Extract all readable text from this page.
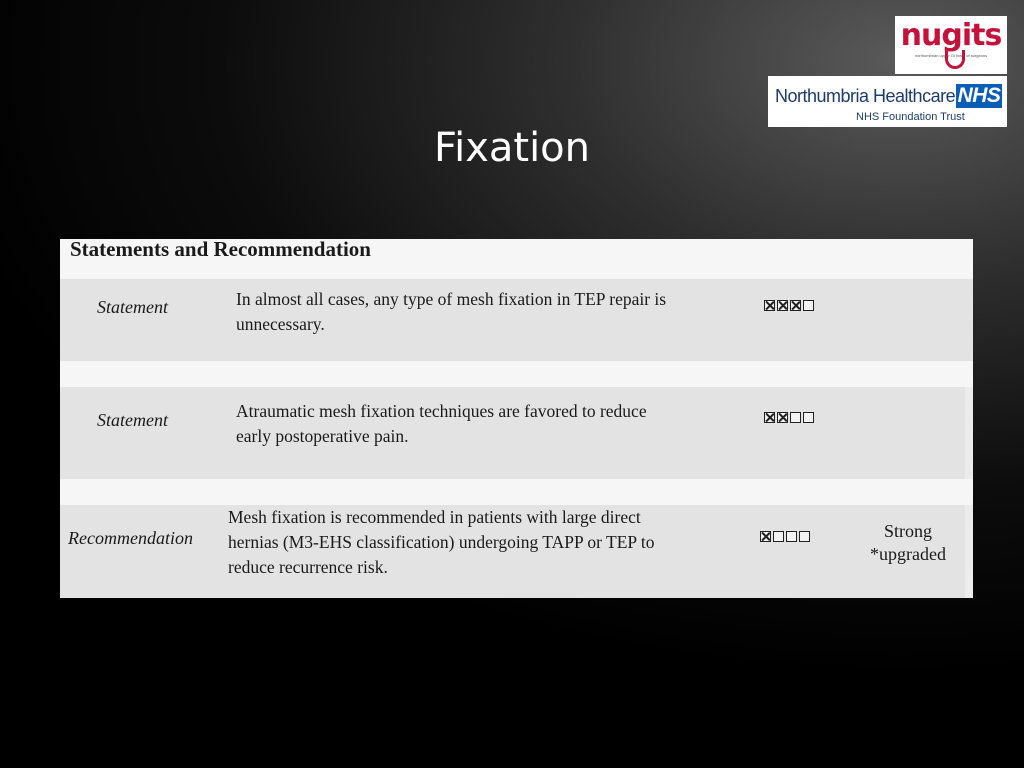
Fixation
nugits
northumbrian upper GI team of surgeons
Northumbria Healthcare NHS
NHS Foundation Trust
Statements and Recommendation
Statement	In almost all cases, any type of mesh fixation in TEP repair is
unnecessary.
Statement	Atraumatic mesh fixation techniques are favored to reduce
early postoperative pain.
Recommendation
Mesh fixation is recommended in patients with large direct
hernias (M3-EHS classification) undergoing TAPP or TEP to
reduce recurrence risk.
Strong
*upgraded
